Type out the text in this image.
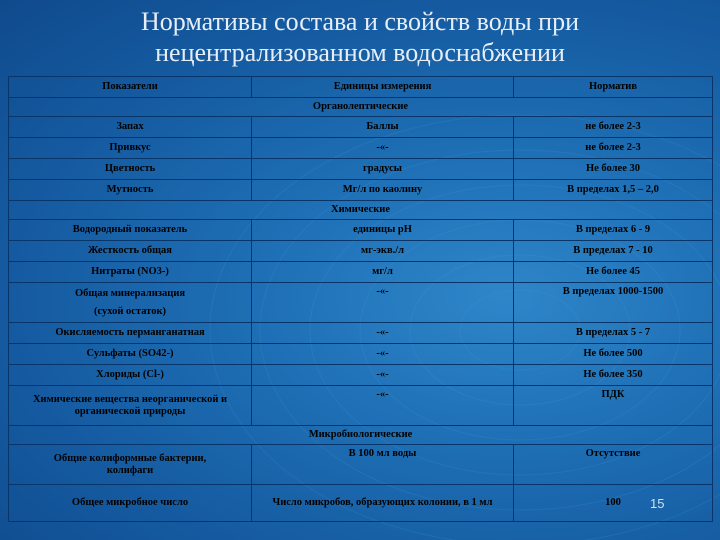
Нормативы состава и свойств воды при
нецентрализованном водоснабжении
Показатели	Единицы измерения	Норматив
Органолептические		
Запах	Баллы	не более 2-3
Привкус	-«-	не более 2-3
Цветность	градусы	Не более 30
Мутность	Мг/л по каолину	В пределах 1,5 – 2,0
Химические		
Водородный показатель	единицы рН	В пределах 6 - 9
Жесткость общая	мг-экв./л	В пределах 7 - 10
Нитраты (NO3-)	мг/л	Не более 45

Общая минерализация
(сухой остаток)	-«-	В пределах 1000-1500
Окисляемость перманганатная	-«-	В пределах 5 - 7
Сульфаты (SO42-)	-«-	Не более 500
Хлориды (Cl-)	-«-	Не более 350

Химические вещества неорганической и
органической природы	-«-	ПДК
Микробиологические		

Общие колиформные бактерии,
колифаги	В 100 мл воды	Отсутствие
Общее микробное число	Число микробов, образующих колонии, в 1 мл	100 15
